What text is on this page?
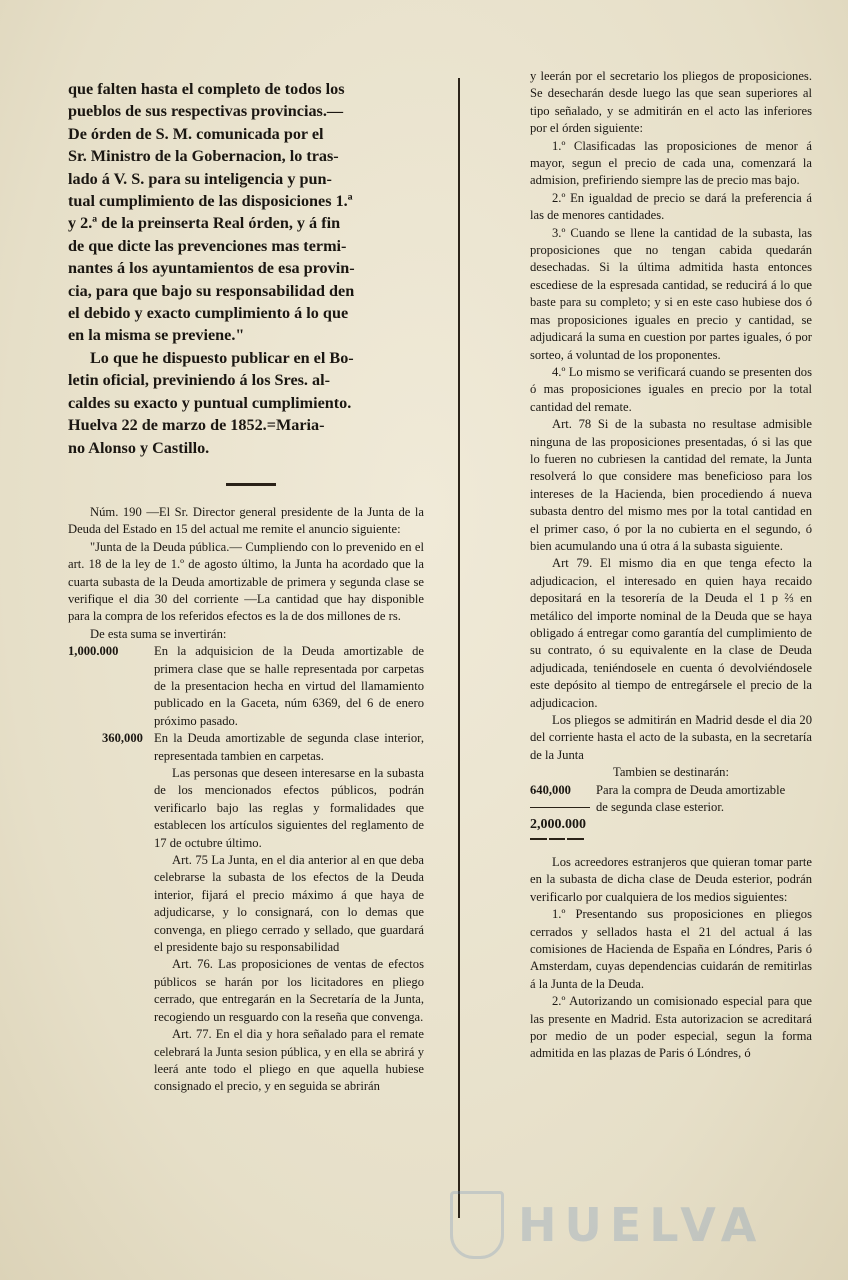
que falten hasta el completo de todos los

pueblos de sus respectivas provincias.—

De órden de S. M. comunicada por el

Sr. Ministro de la Gobernacion, lo tras-

lado á V. S. para su inteligencia y pun-

tual cumplimiento de las disposiciones 1.ª

y 2.ª de la preinserta Real órden, y á fin

de que dicte las prevenciones mas termi-

nantes á los ayuntamientos de esa provin-

cia, para que bajo su responsabilidad den

el debido y exacto cumplimiento á lo que

en la misma se previene."

Lo que he dispuesto publicar en el Bo-

letin oficial, previniendo á los Sres. al-

caldes su exacto y puntual cumplimiento.

Huelva 22 de marzo de 1852.=Maria-

no Alonso y Castillo.

Núm. 190 —El Sr. Director general presidente de la Junta de la Deuda del Estado en 15 del actual me remite el anuncio siguiente:

"Junta de la Deuda pública.— Cumpliendo con lo prevenido en el art. 18 de la ley de 1.º de agosto último, la Junta ha acordado que la cuarta subasta de la Deuda amortizable de primera y segunda clase se verifique el dia 30 del corriente —La cantidad que hay disponible para la compra de los referidos efectos es la de dos millones de rs.

De esta suma se invertirán:

1,000.000	En la adquisicion de la Deuda amortizable de primera clase que se halle representada por carpetas de la presentacion hecha en virtud del llamamiento publicado en la Gaceta, núm 6369, del 6 de enero próximo pasado.

360,000 En la Deuda amortizable de segunda clase interior, representada tambien en carpetas.

Las personas que deseen interesarse en la subasta de los mencionados efectos públicos, podrán verificarlo bajo las reglas y formalidades que establecen los artículos siguientes del reglamento de 17 de octubre último.

Art. 75 La Junta, en el dia anterior al en que deba celebrarse la subasta de los efectos de la Deuda interior, fijará el precio máximo á que haya de adjudicarse, y lo consignará, con lo demas que convenga, en pliego cerrado y sellado, que guardará el presidente bajo su responsabilidad

Art. 76. Las proposiciones de ventas de efectos públicos se harán por los licitadores en pliego cerrado, que entregarán en la Secretaría de la Junta, recogiendo un resguardo con la reseña que convenga.

Art. 77. En el dia y hora señalado para el remate celebrará la Junta sesion pública, y en ella se abrirá y leerá ante todo el pliego en que aquella hubiese consignado el precio, y en seguida se abrirán

y leerán por el secretario los pliegos de proposiciones. Se desecharán desde luego las que sean superiores al tipo señalado, y se admitirán en el acto las inferiores por el órden siguiente:

1.º Clasificadas las proposiciones de menor á mayor, segun el precio de cada una, comenzará la admision, prefiriendo siempre las de precio mas bajo.

2.º En igualdad de precio se dará la preferencia á las de menores cantidades.

3.º Cuando se llene la cantidad de la subasta, las proposiciones que no tengan cabida quedarán desechadas. Si la última admitida hasta entonces escediese de la espresada cantidad, se reducirá á lo que baste para su completo; y si en este caso hubiese dos ó mas proposiciones iguales en precio y cantidad, se adjudicará la suma en cuestion por partes iguales, ó por sorteo, á voluntad de los proponentes.

4.º Lo mismo se verificará cuando se presenten dos ó mas proposiciones iguales en precio por la total cantidad del remate.

Art. 78 Si de la subasta no resultase admisible ninguna de las proposiciones presentadas, ó si las que lo fueren no cubriesen la cantidad del remate, la Junta resolverá lo que considere mas beneficioso para los intereses de la Hacienda, bien procediendo á nueva subasta dentro del mismo mes por la total cantidad en el primer caso, ó por la no cubierta en el segundo, ó bien acumulando una ú otra á la subasta siguiente.

Art 79. El mismo dia en que tenga efecto la adjudicacion, el interesado en quien haya recaido depositará en la tesorería de la Deuda el 1 p ⅔ en metálico del importe nominal de la Deuda que se haya obligado á entregar como garantía del cumplimiento de su contrato, ó su equivalente en la clase de Deuda adjudicada, teniéndosele en cuenta ó devolviéndosele este depósito al tiempo de entregársele el precio de la adjudicacion.

Los pliegos se admitirán en Madrid desde el dia 20 del corriente hasta el acto de la subasta, en la secretaría de la Junta

Tambien se destinarán:

640,000	Para la compra de Deuda amortizable

de segunda clase esterior.

2,000.000

Los acreedores estranjeros que quieran tomar parte en la subasta de dicha clase de Deuda esterior, podrán verificarlo por cualquiera de los medios siguientes:

1.º Presentando sus proposiciones en pliegos cerrados y sellados hasta el 21 del actual á las comisiones de Hacienda de España en Lóndres, Paris ó Amsterdam, cuyas dependencias cuidarán de remitirlas á la Junta de la Deuda.

2.º Autorizando un comisionado especial para que las presente en Madrid. Esta autorizacion se acreditará por medio de un poder especial, segun la forma admitida en las plazas de Paris ó Lóndres, ó

HUELVA
